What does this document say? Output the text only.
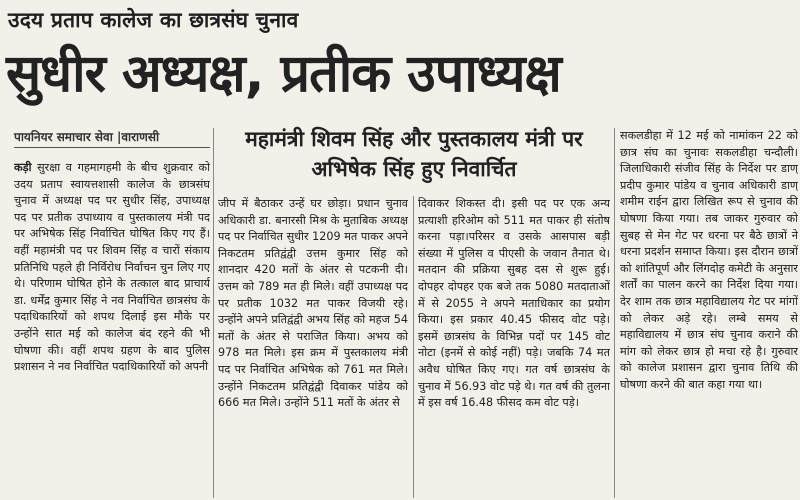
उदय प्रताप कालेज का छात्रसंघ चुनाव
सुधीर अध्यक्ष, प्रतीक उपाध्यक्ष
पायनियर समाचार सेवा |वाराणसी	महामंत्री शिवम सिंह और पुस्तकालय मंत्री पर अभिषेक सिंह हुए निवार्चित
कड़ी सुरक्षा व गहमागहमी के बीच शुक्रवार को उदय प्रताप स्वायत्तशासी कालेज के छात्रसंघ चुनाव में अध्यक्ष पद पर सुधीर सिंह, उपाध्यक्ष पद पर प्रतीक उपाध्याय व पुस्तकालय मंत्री पद पर अभिषेक सिंह निर्वाचित घोषित किए गए हैं। वहीं महामंत्री पद पर शिवम सिंह व चारों संकाय प्रतिनिधि पहले ही निर्विरोध निर्वाचन चुन लिए गए थे। परिणाम घोषित होने के तत्काल बाद प्राचार्य डा. धर्मेंद्र कुमार सिंह ने नव निर्वाचित छात्रसंघ के पदाधिकारियों को शपथ दिलाई इस मौके पर उन्होंने सात मई को कालेज बंद रहने की भी घोषणा की। वहीं शपथ ग्रहण के बाद पुलिस प्रशासन ने नव निर्वाचित पदाधिकारियों को अपनी
जीप में बैठाकर उन्हें घर छोड़ा। प्रधान चुनाव अधिकारी डा. बनारसी मिश्र के मुताबिक अध्यक्ष पद पर निर्वाचित सुधीर 1209 मत पाकर अपने निकटतम प्रतिद्वंद्वी उत्तम कुमार सिंह को शानदार 420 मतों के अंतर से पटकनी दी। उत्तम को 789 मत ही मिले। वहीं उपाध्यक्ष पद पर प्रतीक 1032 मत पाकर विजयी रहे। उन्होंने अपने प्रतिद्वंद्वी अभय सिंह को महज 54 मतों के अंतर से पराजित किया। अभय को 978 मत मिले। इस क्रम में पुस्तकालय मंत्री पद पर निर्वाचित अभिषेक को 761 मत मिले। उन्होंने निकटतम प्रतिद्वंद्वी दिवाकर पांडेय को 666 मत मिले। उन्होंने 511 मतों के अंतर से
दिवाकर शिकस्त दी। इसी पद पर एक अन्य प्रत्याशी हरिओम को 511 मत पाकर ही संतोष करना पड़ा।परिसर व उसके आसपास बड़ी संख्या में पुलिस व पीएसी के जवान तैनात थे। मतदान की प्रक्रिया सुबह दस से शुरू हुई। दोपहर दोपहर एक बजे तक 5080 मतदाताओं में से 2055 ने अपने मताधिकार का प्रयोग किया। इस प्रकार 40.45 फीसद वोट पड़े। इसमें छात्रसंघ के विभिन्न पदों पर 145 वोट नोटा (इनमें से कोई नहीं) पड़े। जबकि 74 मत अवैध घोषित किए गए। गत वर्ष छात्रसंघ के चुनाव में 56.93 वोट पड़े थे। गत वर्ष की तुलना में इस वर्ष 16.48 फीसद कम वोट पड़े।
सकलडीहा में 12 मई को नामांकन 22 को छात्र संघ का चुनावः सकलडीहा चन्दौली। जिलाधिकारी संजीव सिंह के निर्देश पर डाण् प्रदीप कुमार पांडेय व चुनाव अधिकारी डाण् शमीम राईन द्वारा लिखित रूप से चुनाव की घोषणा किया गया। तब जाकर गुरुवार को सुबह से मेन गेट पर धरना पर बैठे छात्रों ने धरना प्रदर्शन समाप्त किया। इस दौरान छात्रों को शांतिपूर्ण और लिंगदोह कमेटी के अनुसार शर्तों का पालन करने का निर्देश दिया गया। देर शाम तक छात्र महाविद्यालय गेट पर मांगों को लेकर अड़े रहे। लम्बे समय से महाविद्यालय में छात्र संघ चुनाव कराने की मांग को लेकर छात्र हो मचा रहे है। गुरुवार को कालेज प्रशासन द्वारा चुनाव तिथि की घोषणा करने की बात कहा गया था।
